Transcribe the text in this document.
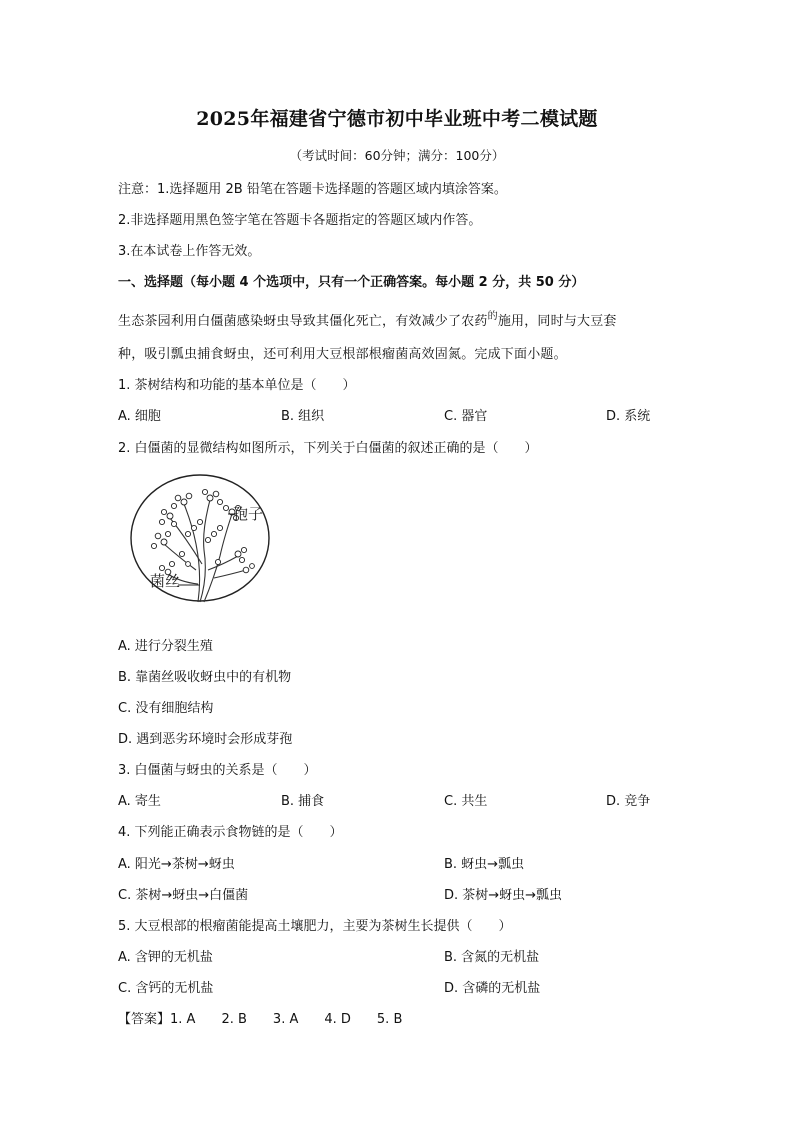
2025年福建省宁德市初中毕业班中考二模试题
（考试时间：60分钟；满分：100分）
注意：1.选择题用 2B 铅笔在答题卡选择题的答题区域内填涂答案。
2.非选择题用黑色签字笔在答题卡各题指定的答题区域内作答。
3.在本试卷上作答无效。
一、选择题（每小题 4 个选项中，只有一个正确答案。每小题 2 分，共 50 分）
生态茶园利用白僵菌感染蚜虫导致其僵化死亡，有效减少了农药$^的$施用，同时与大豆套
种，吸引瓢虫捕食蚜虫，还可利用大豆根部根瘤菌高效固氮。完成下面小题。
1. 茶树结构和功能的基本单位是（　　）
A. 细胞	B. 组织	C. 器官	D. 系统
2. 白僵菌的显微结构如图所示，下列关于白僵菌的叙述正确的是（　　）
孢子
菌丝
A. 进行分裂生殖
B. 靠菌丝吸收蚜虫中的有机物
C. 没有细胞结构
D. 遇到恶劣环境时会形成芽孢
3. 白僵菌与蚜虫的关系是（　　）
A. 寄生	B. 捕食	C. 共生	D. 竞争
4. 下列能正确表示食物链的是（　　）
A. 阳光→茶树→蚜虫	B. 蚜虫→瓢虫
C. 茶树→蚜虫→白僵菌	D. 茶树→蚜虫→瓢虫
5. 大豆根部的根瘤菌能提高土壤肥力，主要为茶树生长提供（　　）
A. 含钾的无机盐	B. 含氮的无机盐
C. 含钙的无机盐	D. 含磷的无机盐
【答案】1. A 2. B 3. A 4. D 5. B
